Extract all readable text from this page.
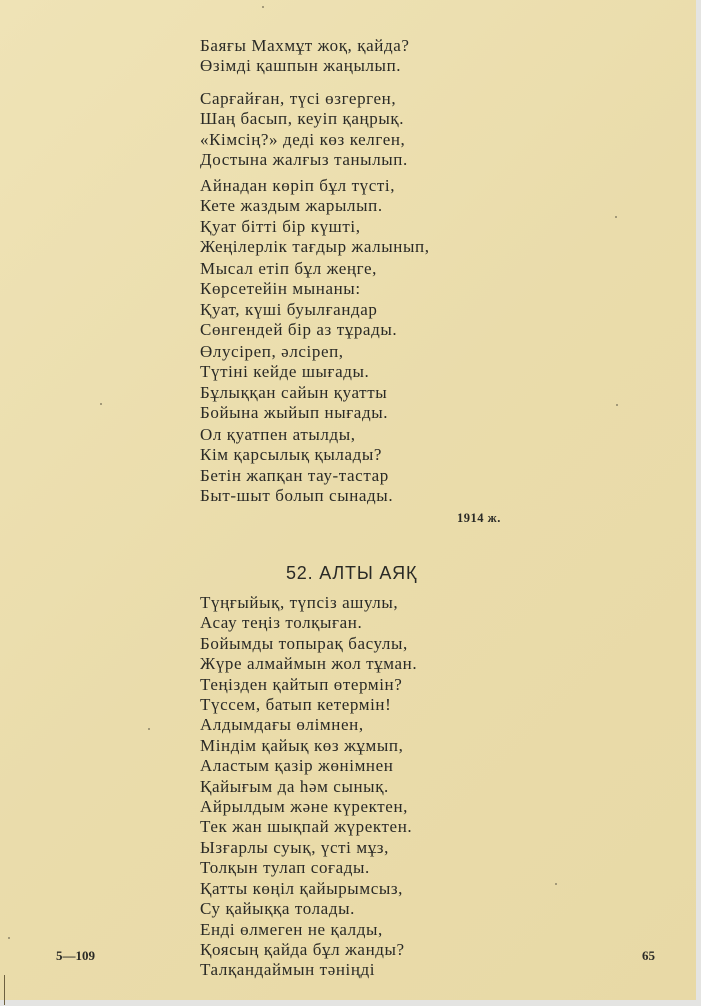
Баяғы Махмұт жоқ, қайда?
Өзімді қашпын жаңылып.
Сарғайған, түсі өзгерген,
Шаң басып, кеуіп қаңрық.
«Кімсің?» деді көз келген,
Достына жалғыз танылып.
Айнадан көріп бұл түсті,
Кете жаздым жарылып.
Қуат бітті бір күшті,
Жеңілерлік тағдыр жалынып,
Мысал етіп бұл жеңге,
Көрсетейін мынаны:
Қуат, күші буылғандар
Сөнгендей бір аз тұрады.
Өлусіреп, әлсіреп,
Түтіні кейде шығады.
Бұлыққан сайын қуатты
Бойына жыйып нығады.
Ол қуатпен атылды,
Кім қарсылық қылады?
Бетін жапқан тау-тастар
Быт-шыт болып сынады.
1914 ж.
52. АЛТЫ АЯҚ
Түңғыйық, түпсіз ашулы,
Асау теңіз толқыған.
Бойымды топырақ басулы,
Жүре алмаймын жол тұман.
Теңізден қайтып өтермін?
Түсcем, батып кетермін!
Алдымдағы өлімнен,
Міндім қайық көз жұмып,
Аластым қазір жөнімнен
Қайығым да һәм сынық.
Айрылдым және күректен,
Тек жан шықпай жүректен.
Ызғарлы суық, үсті мұз,
Толқын тулап соғады.
Қатты көңіл қайырымсыз,
Су қайыққа толады.
Енді өлмеген не қалды,
Қоясың қайда бұл жанды?
Талқандаймын тәніңді
5—109	65
